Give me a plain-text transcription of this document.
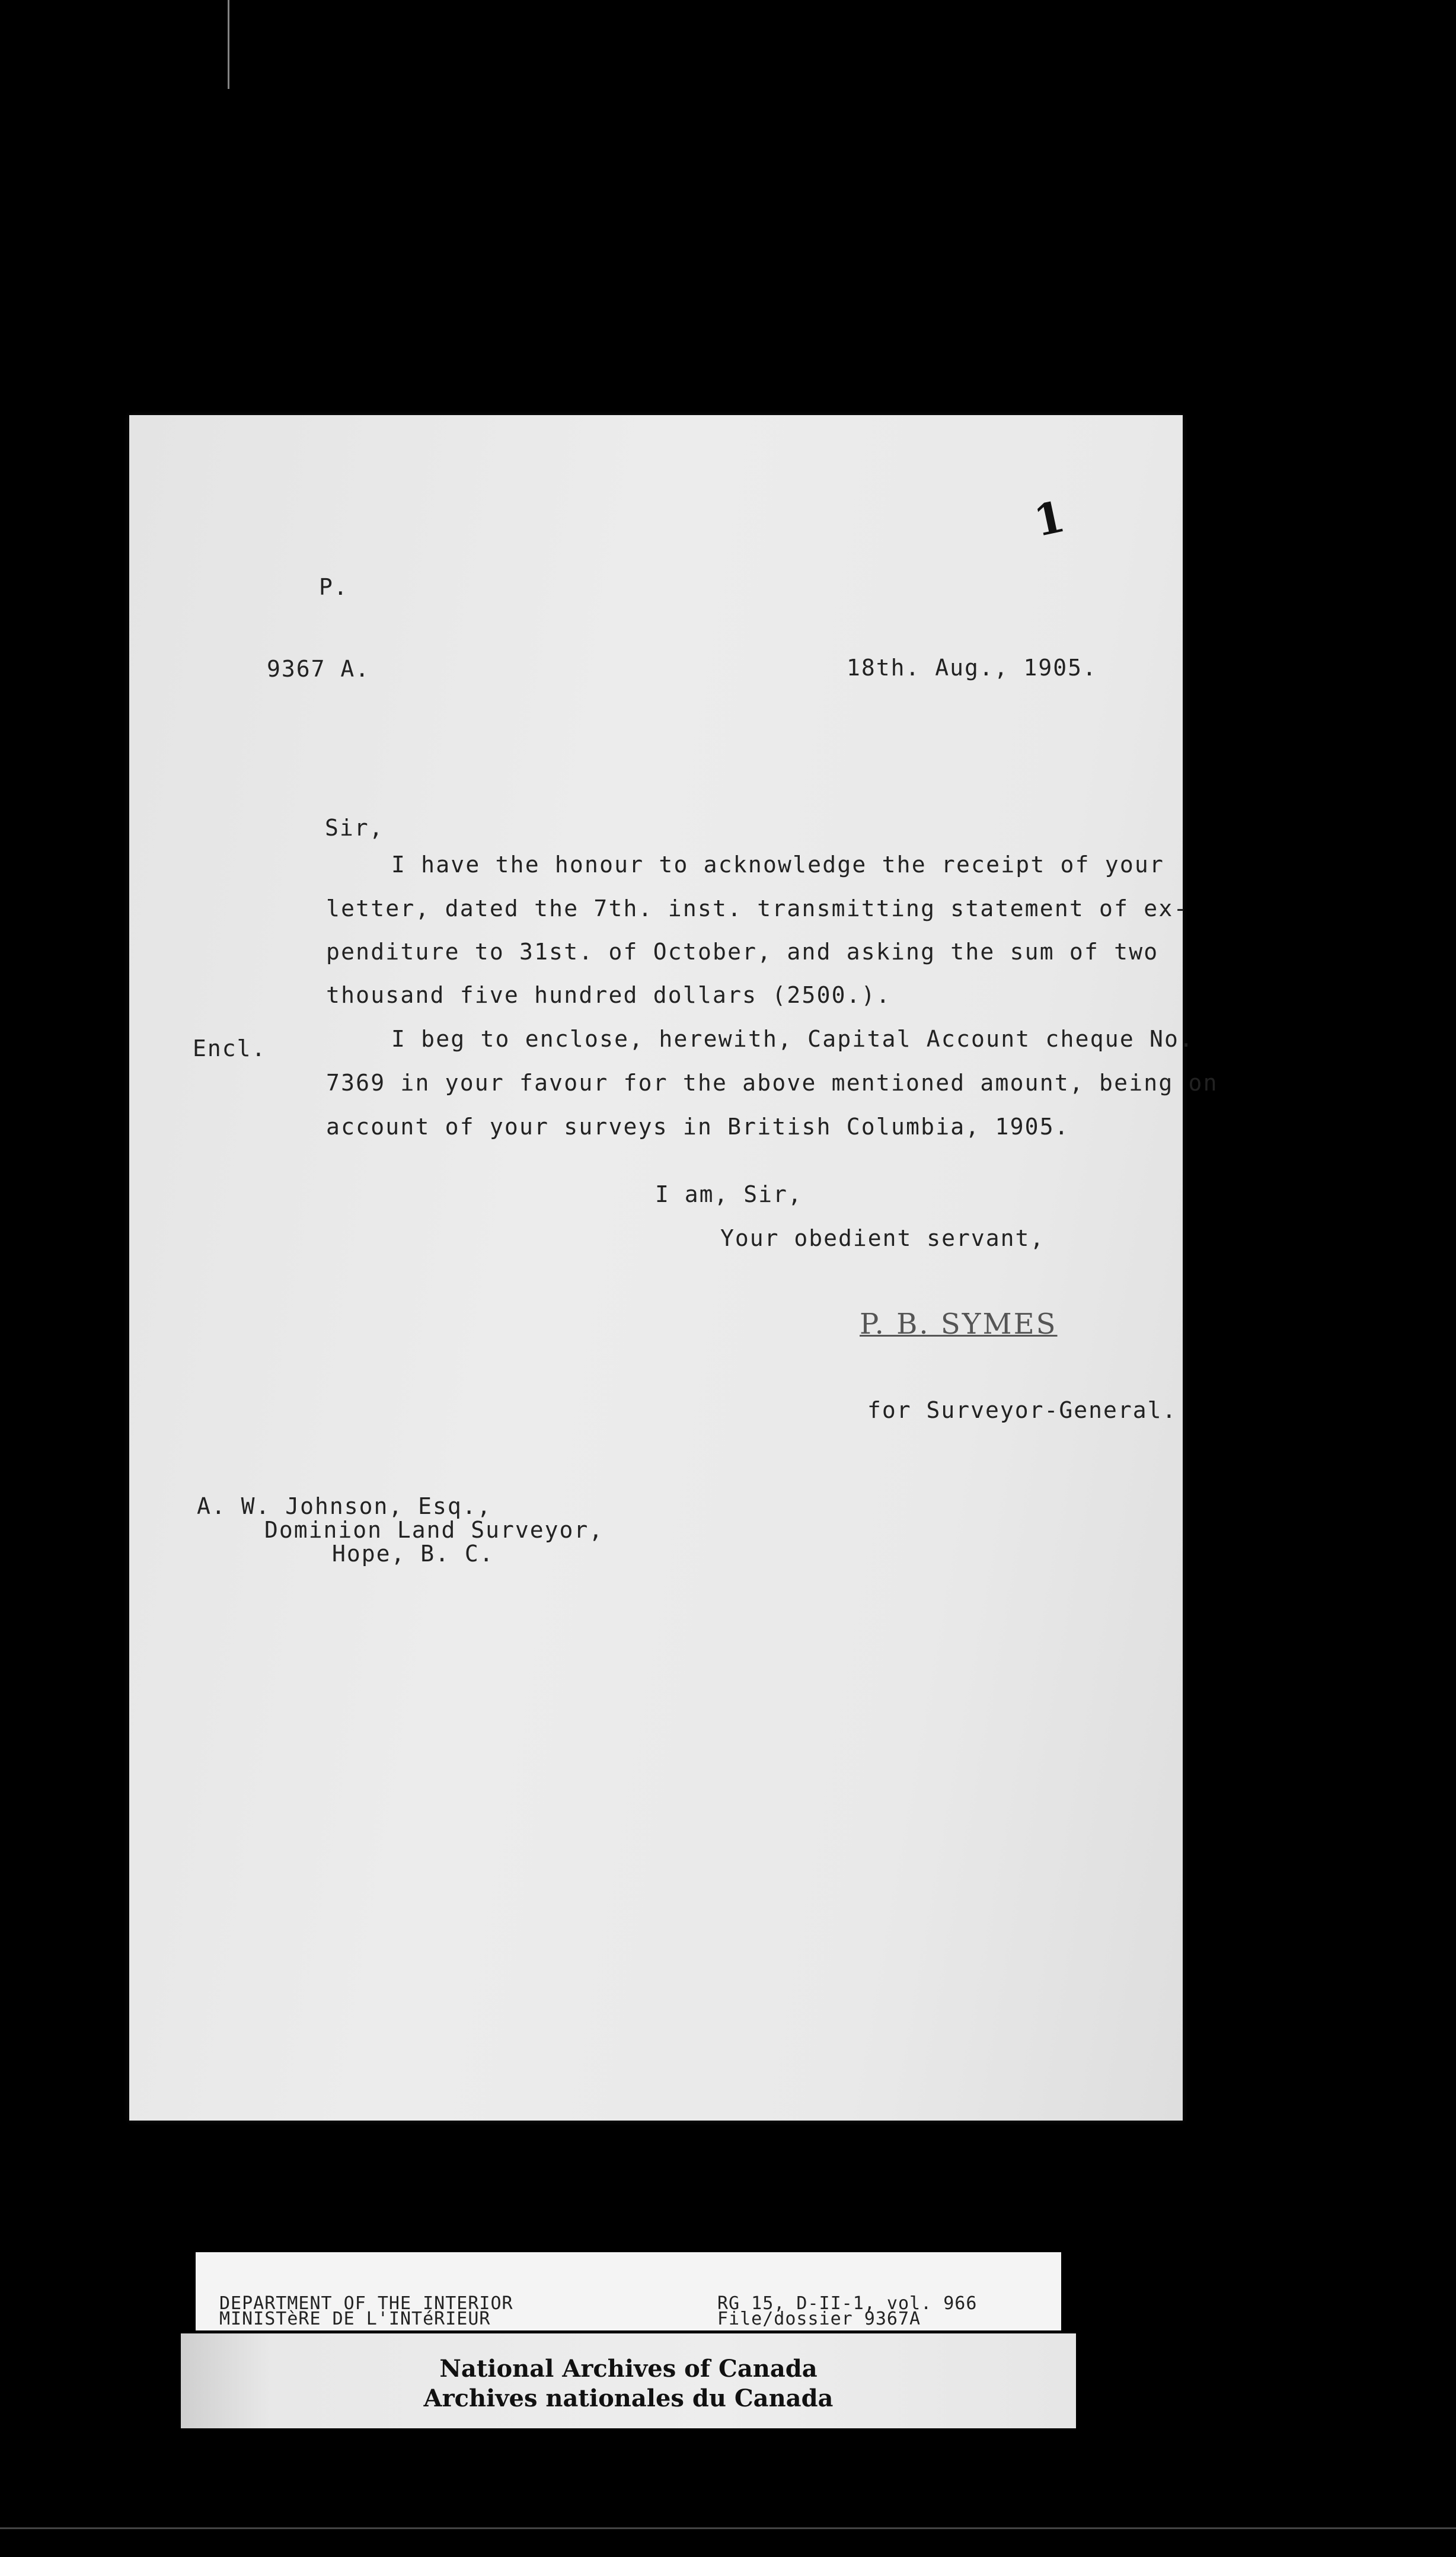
1

P.

9367 A.	18th. Aug., 1905.

Sir,

I have the honour to acknowledge the receipt of your

letter, dated the 7th. inst. transmitting statement of ex-

penditure to 31st. of October, and asking the sum of two

thousand five hundred dollars (2500.).

Encl.	I beg to enclose, herewith, Capital Account cheque No.

7369 in your favour for the above mentioned amount, being on

account of your surveys in British Columbia, 1905.

I am, Sir,

Your obedient servant,

P. B. SYMES

for Surveyor-General.

A. W. Johnson, Esq.,

Dominion Land Surveyor,

Hope, B. C.

DEPARTMENT OF THE INTERIOR
MINISTèRE DE L'INTéRIEUR
RG 15, D-II-1, vol. 966
File/dossier 9367A
National Archives of Canada
Archives nationales du Canada
